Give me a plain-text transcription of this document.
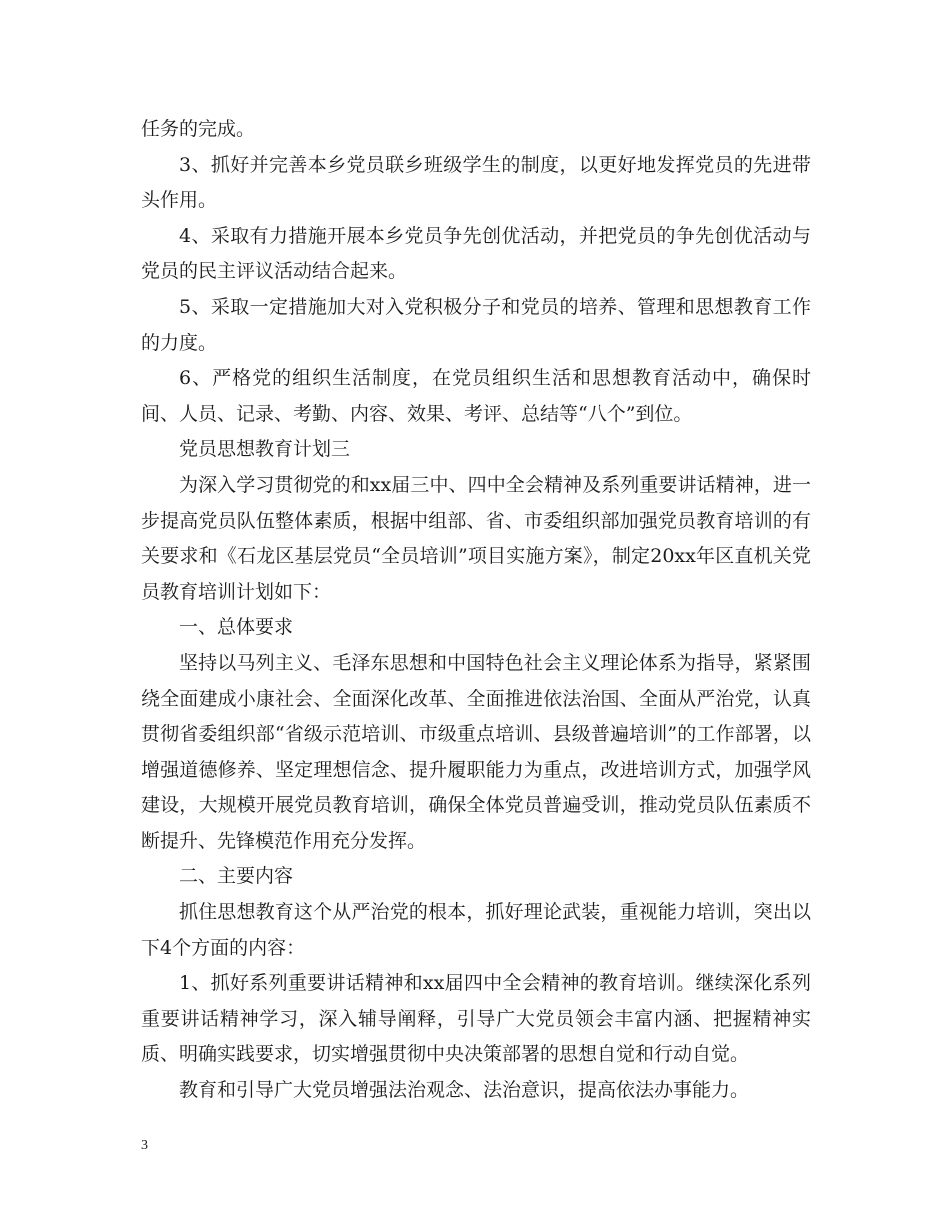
任务的完成。

3、抓好并完善本乡党员联乡班级学生的制度，以更好地发挥党员的先进带头作用。

4、采取有力措施开展本乡党员争先创优活动，并把党员的争先创优活动与党员的民主评议活动结合起来。

5、采取一定措施加大对入党积极分子和党员的培养、管理和思想教育工作的力度。

6、严格党的组织生活制度，在党员组织生活和思想教育活动中，确保时间、人员、记录、考勤、内容、效果、考评、总结等“八个”到位。

党员思想教育计划三

为深入学习贯彻党的和xx届三中、四中全会精神及系列重要讲话精神，进一步提高党员队伍整体素质，根据中组部、省、市委组织部加强党员教育培训的有关要求和《石龙区基层党员“全员培训”项目实施方案》，制定20xx年区直机关党员教育培训计划如下：

一、总体要求

坚持以马列主义、毛泽东思想和中国特色社会主义理论体系为指导，紧紧围绕全面建成小康社会、全面深化改革、全面推进依法治国、全面从严治党，认真贯彻省委组织部“省级示范培训、市级重点培训、县级普遍培训”的工作部署，以增强道德修养、坚定理想信念、提升履职能力为重点，改进培训方式，加强学风建设，大规模开展党员教育培训，确保全体党员普遍受训，推动党员队伍素质不断提升、先锋模范作用充分发挥。

二、主要内容

抓住思想教育这个从严治党的根本，抓好理论武装，重视能力培训，突出以下4个方面的内容：

1、抓好系列重要讲话精神和xx届四中全会精神的教育培训。继续深化系列重要讲话精神学习，深入辅导阐释，引导广大党员领会丰富内涵、把握精神实质、明确实践要求，切实增强贯彻中央决策部署的思想自觉和行动自觉。

教育和引导广大党员增强法治观念、法治意识，提高依法办事能力。

3
